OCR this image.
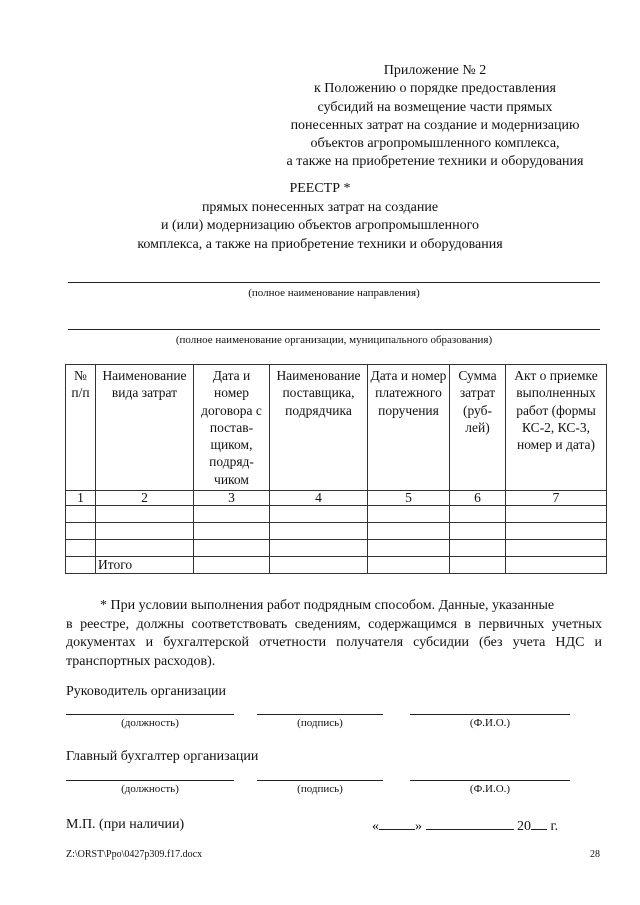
Приложение № 2
к Положению о порядке предоставления
субсидий на возмещение части прямых
понесенных затрат на создание и модернизацию
объектов агропромышленного комплекса,
а также на приобретение техники и оборудования
РЕЕСТР *
прямых понесенных затрат на создание
и (или) модернизацию объектов агропромышленного
комплекса, а также на приобретение техники и оборудования
(полное наименование направления)
(полное наименование организации, муниципального образования)
№ п/п	Наименование вида затрат	Дата и номер договора с постав-щиком, подряд-чиком	Наименование поставщика, подрядчика	Дата и номер платежного поручения	Сумма затрат (руб-лей)	Акт о приемке выполненных работ (формы КС-2, КС-3, номер и дата)
1	2	3	4	5	6	7

	Итого					
* При условии выполнения работ подрядным способом. Данные, указанные
в реестре, должны соответствовать сведениям, содержащимся в первичных учетных документах и бухгалтерской отчетности получателя субсидии (без учета НДС и транспортных расходов).
Руководитель организации
(должность)	(подпись)	(Ф.И.О.)
Главный бухгалтер организации
(должность)	(подпись)	(Ф.И.О.)
М.П. (при наличии)	«	»	20 г.
Z:\ORST\Ppo\0427p309.f17.docx	28
